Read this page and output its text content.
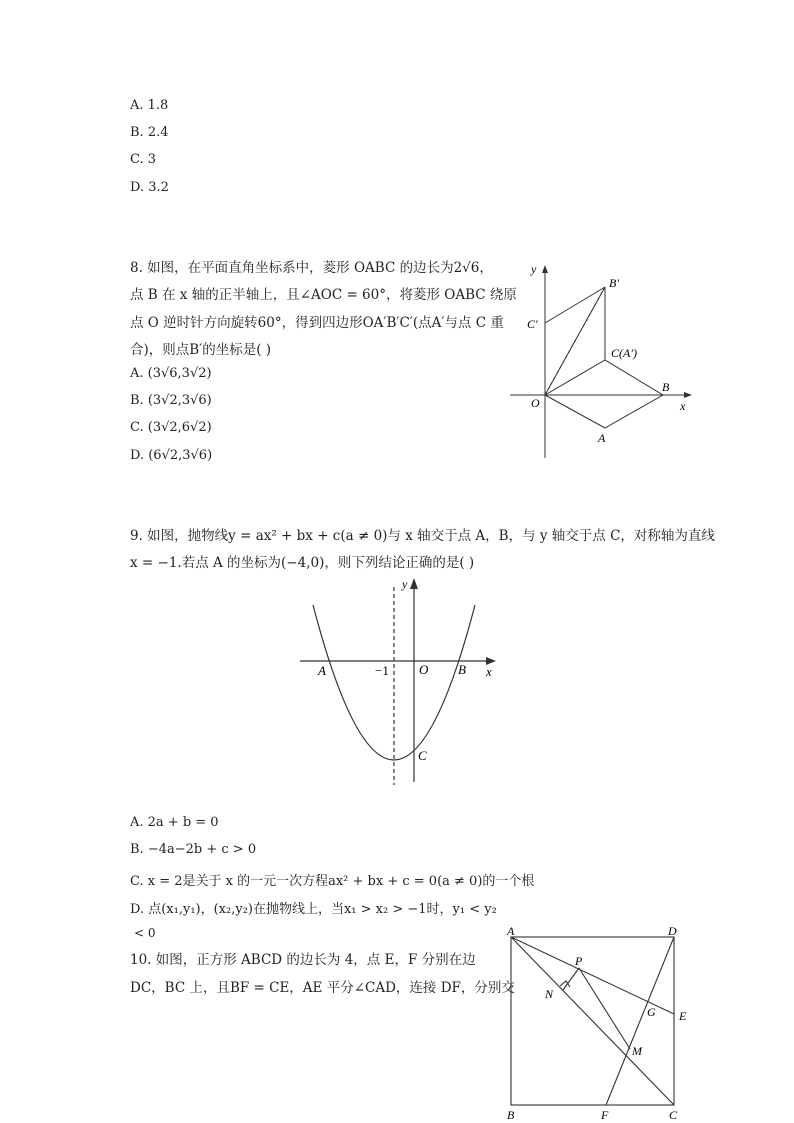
A. 1.8
B. 2.4
C. 3
D. 3.2
8. 如图，在平面直角坐标系中，菱形 OABC 的边长为2√6，
点 B 在 x 轴的正半轴上，且∠AOC = 60°，将菱形 OABC 绕原
点 O 逆时针方向旋转60°，得到四边形OA′B′C′(点A′与点 C 重
合)，则点B′的坐标是( )
A. (3√6,3√2)
B. (3√2,3√6)
C. (3√2,6√2)
D. (6√2,3√6)
y
x
O
A
B
C(A′)
B′
C′
9. 如图，抛物线y = ax² + bx + c(a ≠ 0)与 x 轴交于点 A，B，与 y 轴交于点 C，对称轴为直线
x = −1.若点 A 的坐标为(−4,0)，则下列结论正确的是( )
y
x
A	B
O
−1
C
A. 2a + b = 0
B. −4a−2b + c > 0
C. x = 2是关于 x 的一元一次方程ax² + bx + c = 0(a ≠ 0)的一个根
D. 点(x₁,y₁)，(x₂,y₂)在抛物线上，当x₁ > x₂ > −1时，y₁ < y₂
< 0
10. 如图，正方形 ABCD 的边长为 4，点 E，F 分别在边
DC，BC 上，且BF = CE，AE 平分∠CAD，连接 DF，分别交
A	D
B	C
E
F
G
M
N
P
